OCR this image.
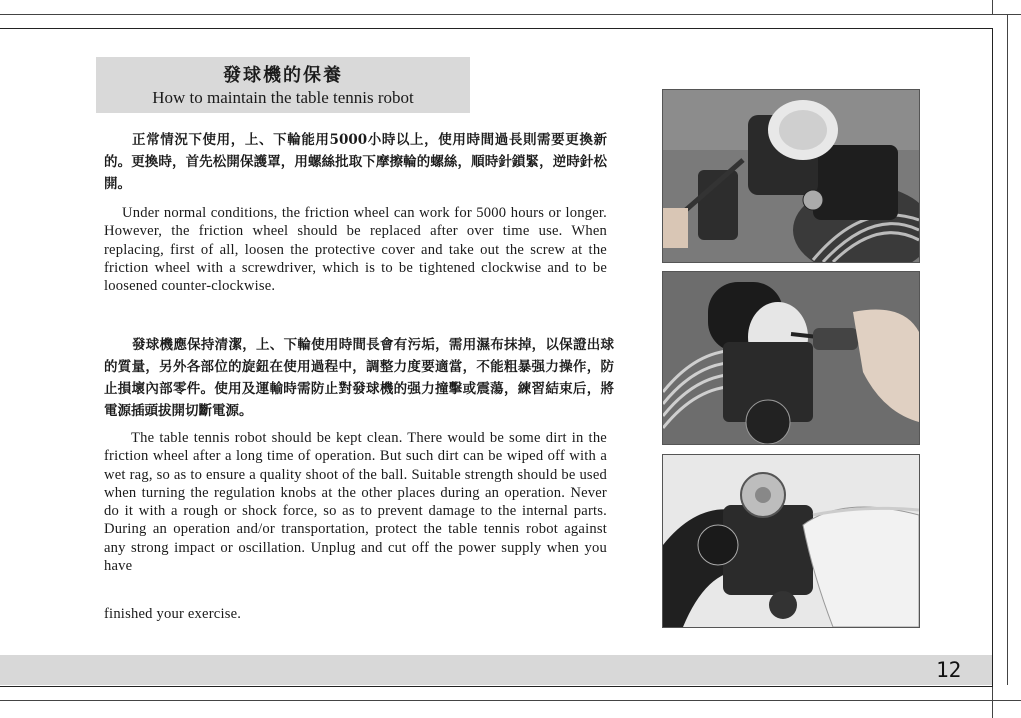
12
發球機的保養
How to maintain the table tennis robot
正常情況下使用，上、下輪能用5000小時以上，使用時間過長則需要更換新的。更換時，首先松開保護罩，用螺絲批取下摩擦輪的螺絲，順時針鎖緊，逆時針松開。
Under normal conditions, the friction wheel can work for 5000 hours or longer. However, the friction wheel should be replaced after over time use. When replacing, first of all, loosen the protective cover and take out the screw at the friction wheel with a screwdriver, which is to be tightened clockwise and to be loosened counter-clockwise.
發球機應保持清潔，上、下輪使用時間長會有污垢，需用濕布抹掉，以保證出球的質量，另外各部位的旋鈕在使用過程中，調整力度要適當，不能粗暴强力操作，防止損壞內部零件。使用及運輸時需防止對發球機的强力撞擊或震蕩，練習結束后，將電源插頭拔開切斷電源。
The table tennis robot should be kept clean. There would be some dirt in the friction wheel after a long time of operation. But such dirt can be wiped off with a wet rag, so as to ensure a quality shoot of the ball. Suitable strength should be used when turning the regulation knobs at the other places during an operation. Never do it with a rough or shock force, so as to prevent damage to the internal parts. During an operation and/or transportation, protect the table tennis robot against any strong impact or oscillation. Unplug and cut off the power supply when you have
finished your exercise.
